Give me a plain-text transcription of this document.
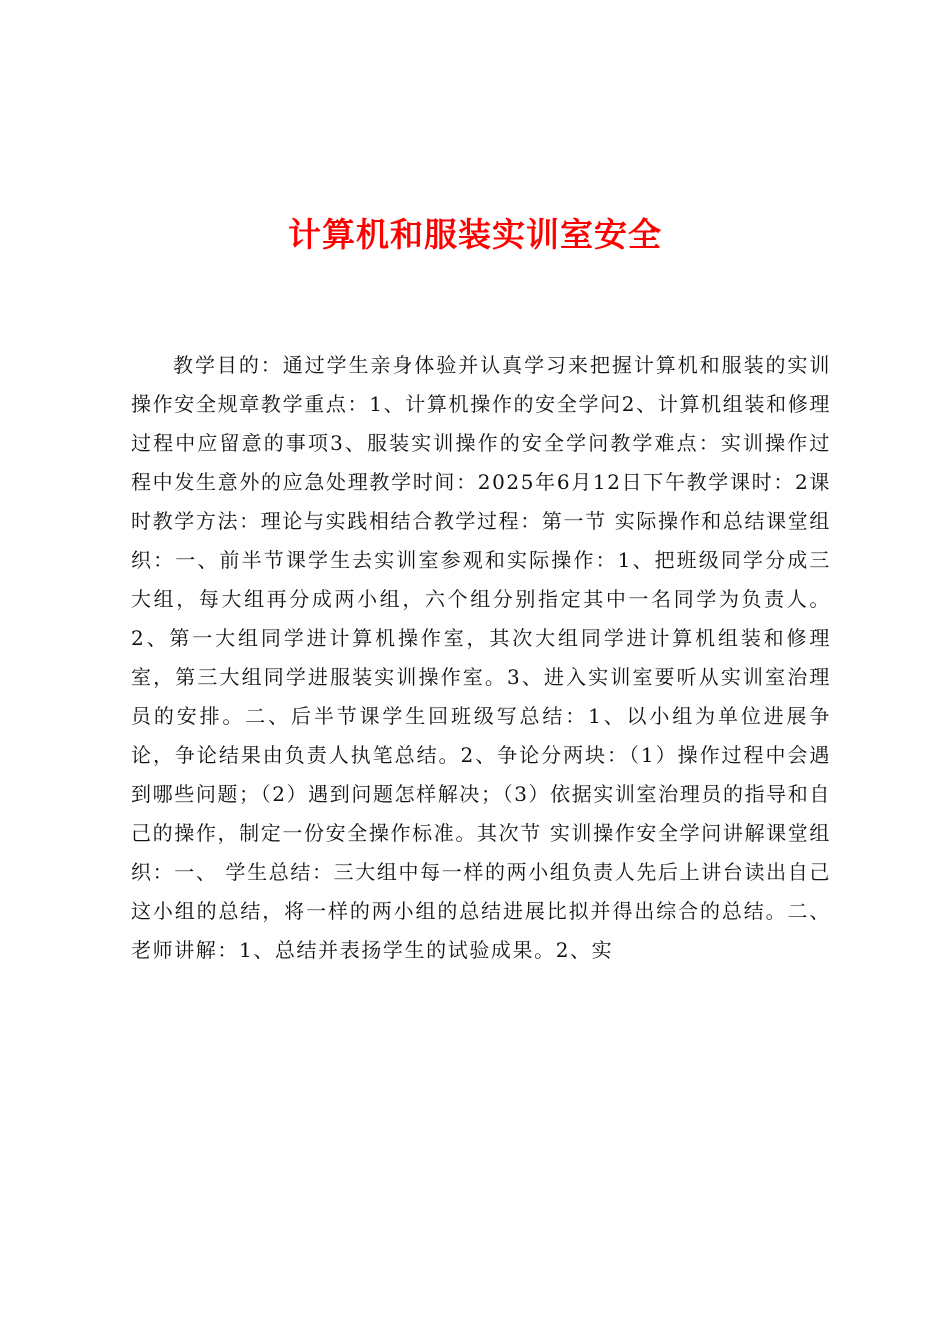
计算机和服装实训室安全

教学目的：通过学生亲身体验并认真学习来把握计算机和服装的实训操作安全规章教学重点：1、计算机操作的安全学问2、计算机组装和修理过程中应留意的事项3、服装实训操作的安全学问教学难点：实训操作过程中发生意外的应急处理教学时间：2025年6月12日下午教学课时：2课时教学方法：理论与实践相结合教学过程：第一节 实际操作和总结课堂组织：一、前半节课学生去实训室参观和实际操作：1、把班级同学分成三大组，每大组再分成两小组，六个组分别指定其中一名同学为负责人。2、第一大组同学进计算机操作室，其次大组同学进计算机组装和修理室，第三大组同学进服装实训操作室。3、进入实训室要听从实训室治理员的安排。二、后半节课学生回班级写总结：1、以小组为单位进展争论，争论结果由负责人执笔总结。2、争论分两块：（1）操作过程中会遇到哪些问题；（2）遇到问题怎样解决；（3）依据实训室治理员的指导和自己的操作，制定一份安全操作标准。其次节 实训操作安全学问讲解课堂组织：一、 学生总结：三大组中每一样的两小组负责人先后上讲台读出自己这小组的总结，将一样的两小组的总结进展比拟并得出综合的总结。二、 老师讲解：1、总结并表扬学生的试验成果。2、实
